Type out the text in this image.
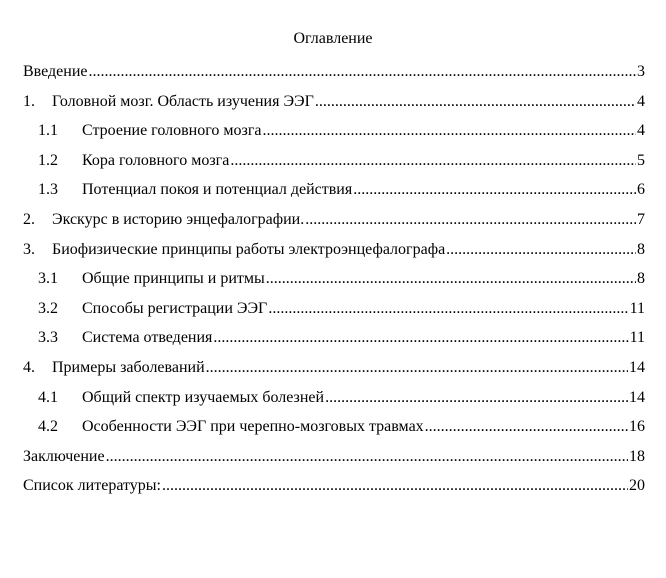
Оглавление
Введение .....	3
1.	Головной мозг. Область изучения ЭЭГ .....	4
1.1	Строение головного мозга .....	4
1.2	Кора головного мозга .....	5
1.3	Потенциал покоя и потенциал действия .....	6
2.	Экскурс в историю энцефалографии. .....	7
3.	Биофизические принципы работы электроэнцефалографа .....	8
3.1	Общие принципы и ритмы .....	8
3.2	Способы регистрации ЭЭГ .....	11
3.3	Система отведения .....	11
4.	Примеры заболеваний .....	14
4.1	Общий спектр изучаемых болезней .....	14
4.2	Особенности ЭЭГ при черепно-мозговых травмах .....	16
Заключение .....	18
Список литературы: .....	20
